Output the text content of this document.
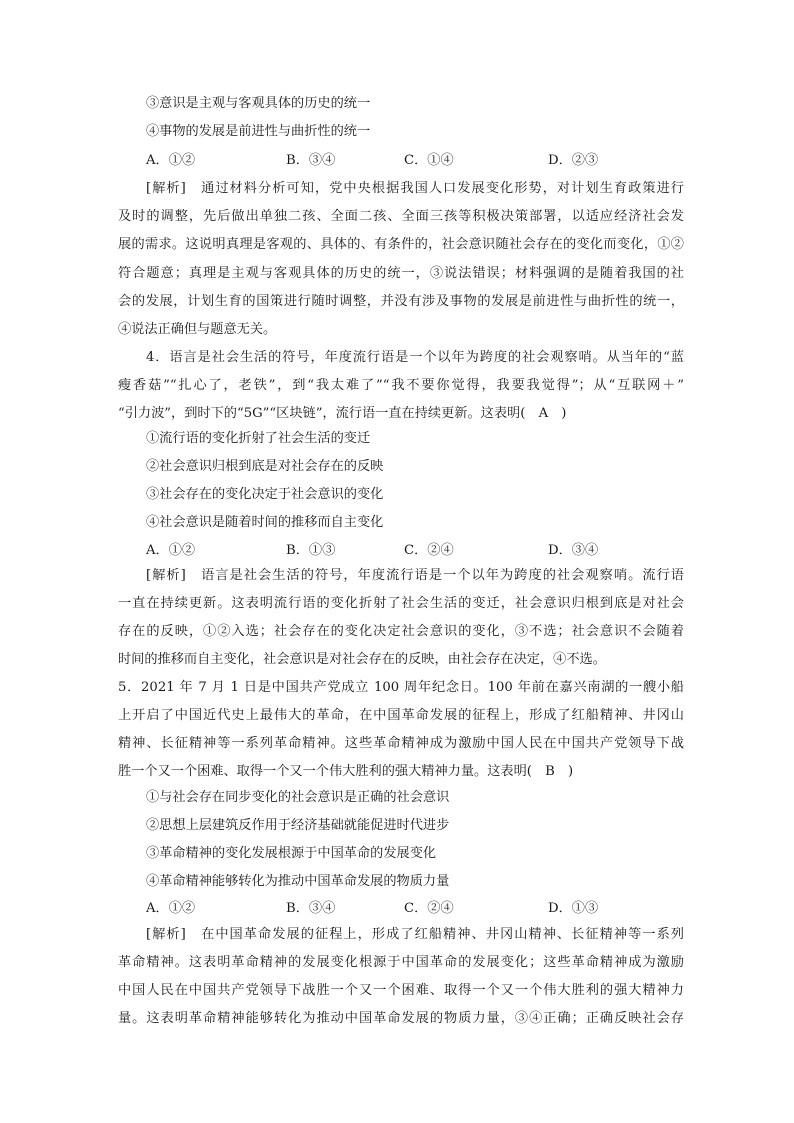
③意识是主观与客观具体的历史的统一
④事物的发展是前进性与曲折性的统一
A．①②	B．③④	C．①④	D．②③
[解析]　通过材料分析可知，党中央根据我国人口发展变化形势，对计划生育政策进行
及时的调整，先后做出单独二孩、全面二孩、全面三孩等积极决策部署，以适应经济社会发
展的需求。这说明真理是客观的、具体的、有条件的，社会意识随社会存在的变化而变化，①②
符合题意；真理是主观与客观具体的历史的统一，③说法错误；材料强调的是随着我国的社
会的发展，计划生育的国策进行随时调整，并没有涉及事物的发展是前进性与曲折性的统一，
④说法正确但与题意无关。
4．语言是社会生活的符号，年度流行语是一个以年为跨度的社会观察哨。从当年的“蓝
瘦香菇”“扎心了，老铁”，到“我太难了”“我不要你觉得，我要我觉得”；从“互联网＋”
“引力波”，到时下的“5G”“区块链”，流行语一直在持续更新。这表明(　A　)
①流行语的变化折射了社会生活的变迁
②社会意识归根到底是对社会存在的反映
③社会存在的变化决定于社会意识的变化
④社会意识是随着时间的推移而自主变化
A．①②	B．①③	C．②④	D．③④
[解析]　语言是社会生活的符号，年度流行语是一个以年为跨度的社会观察哨。流行语
一直在持续更新。这表明流行语的变化折射了社会生活的变迁，社会意识归根到底是对社会
存在的反映，①②入选；社会存在的变化决定社会意识的变化，③不选；社会意识不会随着
时间的推移而自主变化，社会意识是对社会存在的反映，由社会存在决定，④不选。
5．2021 年 7 月 1 日是中国共产党成立 100 周年纪念日。100 年前在嘉兴南湖的一艘小船
上开启了中国近代史上最伟大的革命，在中国革命发展的征程上，形成了红船精神、井冈山
精神、长征精神等一系列革命精神。这些革命精神成为激励中国人民在中国共产党领导下战
胜一个又一个困难、取得一个又一个伟大胜利的强大精神力量。这表明(　B　)
①与社会存在同步变化的社会意识是正确的社会意识
②思想上层建筑反作用于经济基础就能促进时代进步
③革命精神的变化发展根源于中国革命的发展变化
④革命精神能够转化为推动中国革命发展的物质力量
A．①②	B．③④	C．②④	D．①③
[解析]　在中国革命发展的征程上，形成了红船精神、井冈山精神、长征精神等一系列
革命精神。这表明革命精神的发展变化根源于中国革命的发展变化；这些革命精神成为激励
中国人民在中国共产党领导下战胜一个又一个困难、取得一个又一个伟大胜利的强大精神力
量。这表明革命精神能够转化为推动中国革命发展的物质力量，③④正确；正确反映社会存
